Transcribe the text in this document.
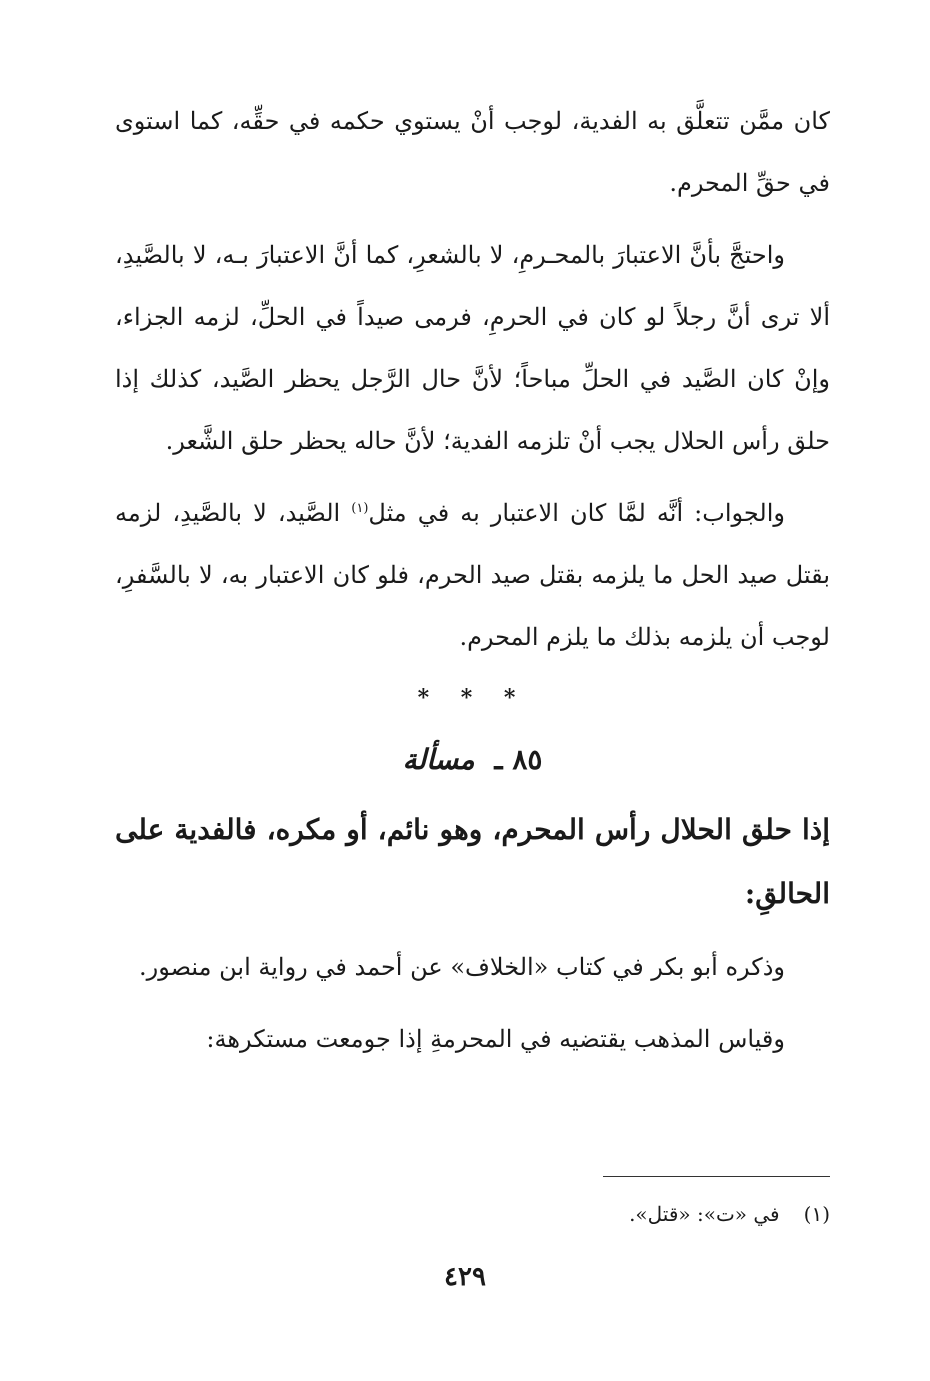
كان ممَّن تتعلَّق به الفدية، لوجب أنْ يستوي حكمه في حقِّه، كما استوى في حقِّ المحرم.

واحتجَّ بأنَّ الاعتبارَ بالمحـرمِ، لا بالشعرِ، كما أنَّ الاعتبارَ بـه، لا بالصَّيدِ، ألا ترى أنَّ رجلاً لو كان في الحرمِ، فرمى صيداً في الحلِّ، لزمه الجزاء، وإنْ كان الصَّيد في الحلِّ مباحاً؛ لأنَّ حال الرَّجل يحظر الصَّيد، كذلك إذا حلق رأس الحلال يجب أنْ تلزمه الفدية؛ لأنَّ حاله يحظر حلق الشَّعر.

والجواب: أنَّه لمَّا كان الاعتبار به في مثل$^{(١)}$ الصَّيد، لا بالصَّيدِ، لزمه بقتل صيد الحل ما يلزمه بقتل صيد الحرم، فلو كان الاعتبار به، لا بالسَّفرِ، لوجب أن يلزمه بذلك ما يلزم المحرم.

* * *
٨٥ ـ مسألة

إذا حلق الحلال رأس المحرم، وهو نائم، أو مكره، فالفدية على الحالقِ:

وذكره أبو بكر في كتاب «الخلاف» عن أحمد في رواية ابن منصور.

وقياس المذهب يقتضيه في المحرمةِ إذا جومعت مستكرهة:

(١)في «ت»: «قتل».
٤٢٩
